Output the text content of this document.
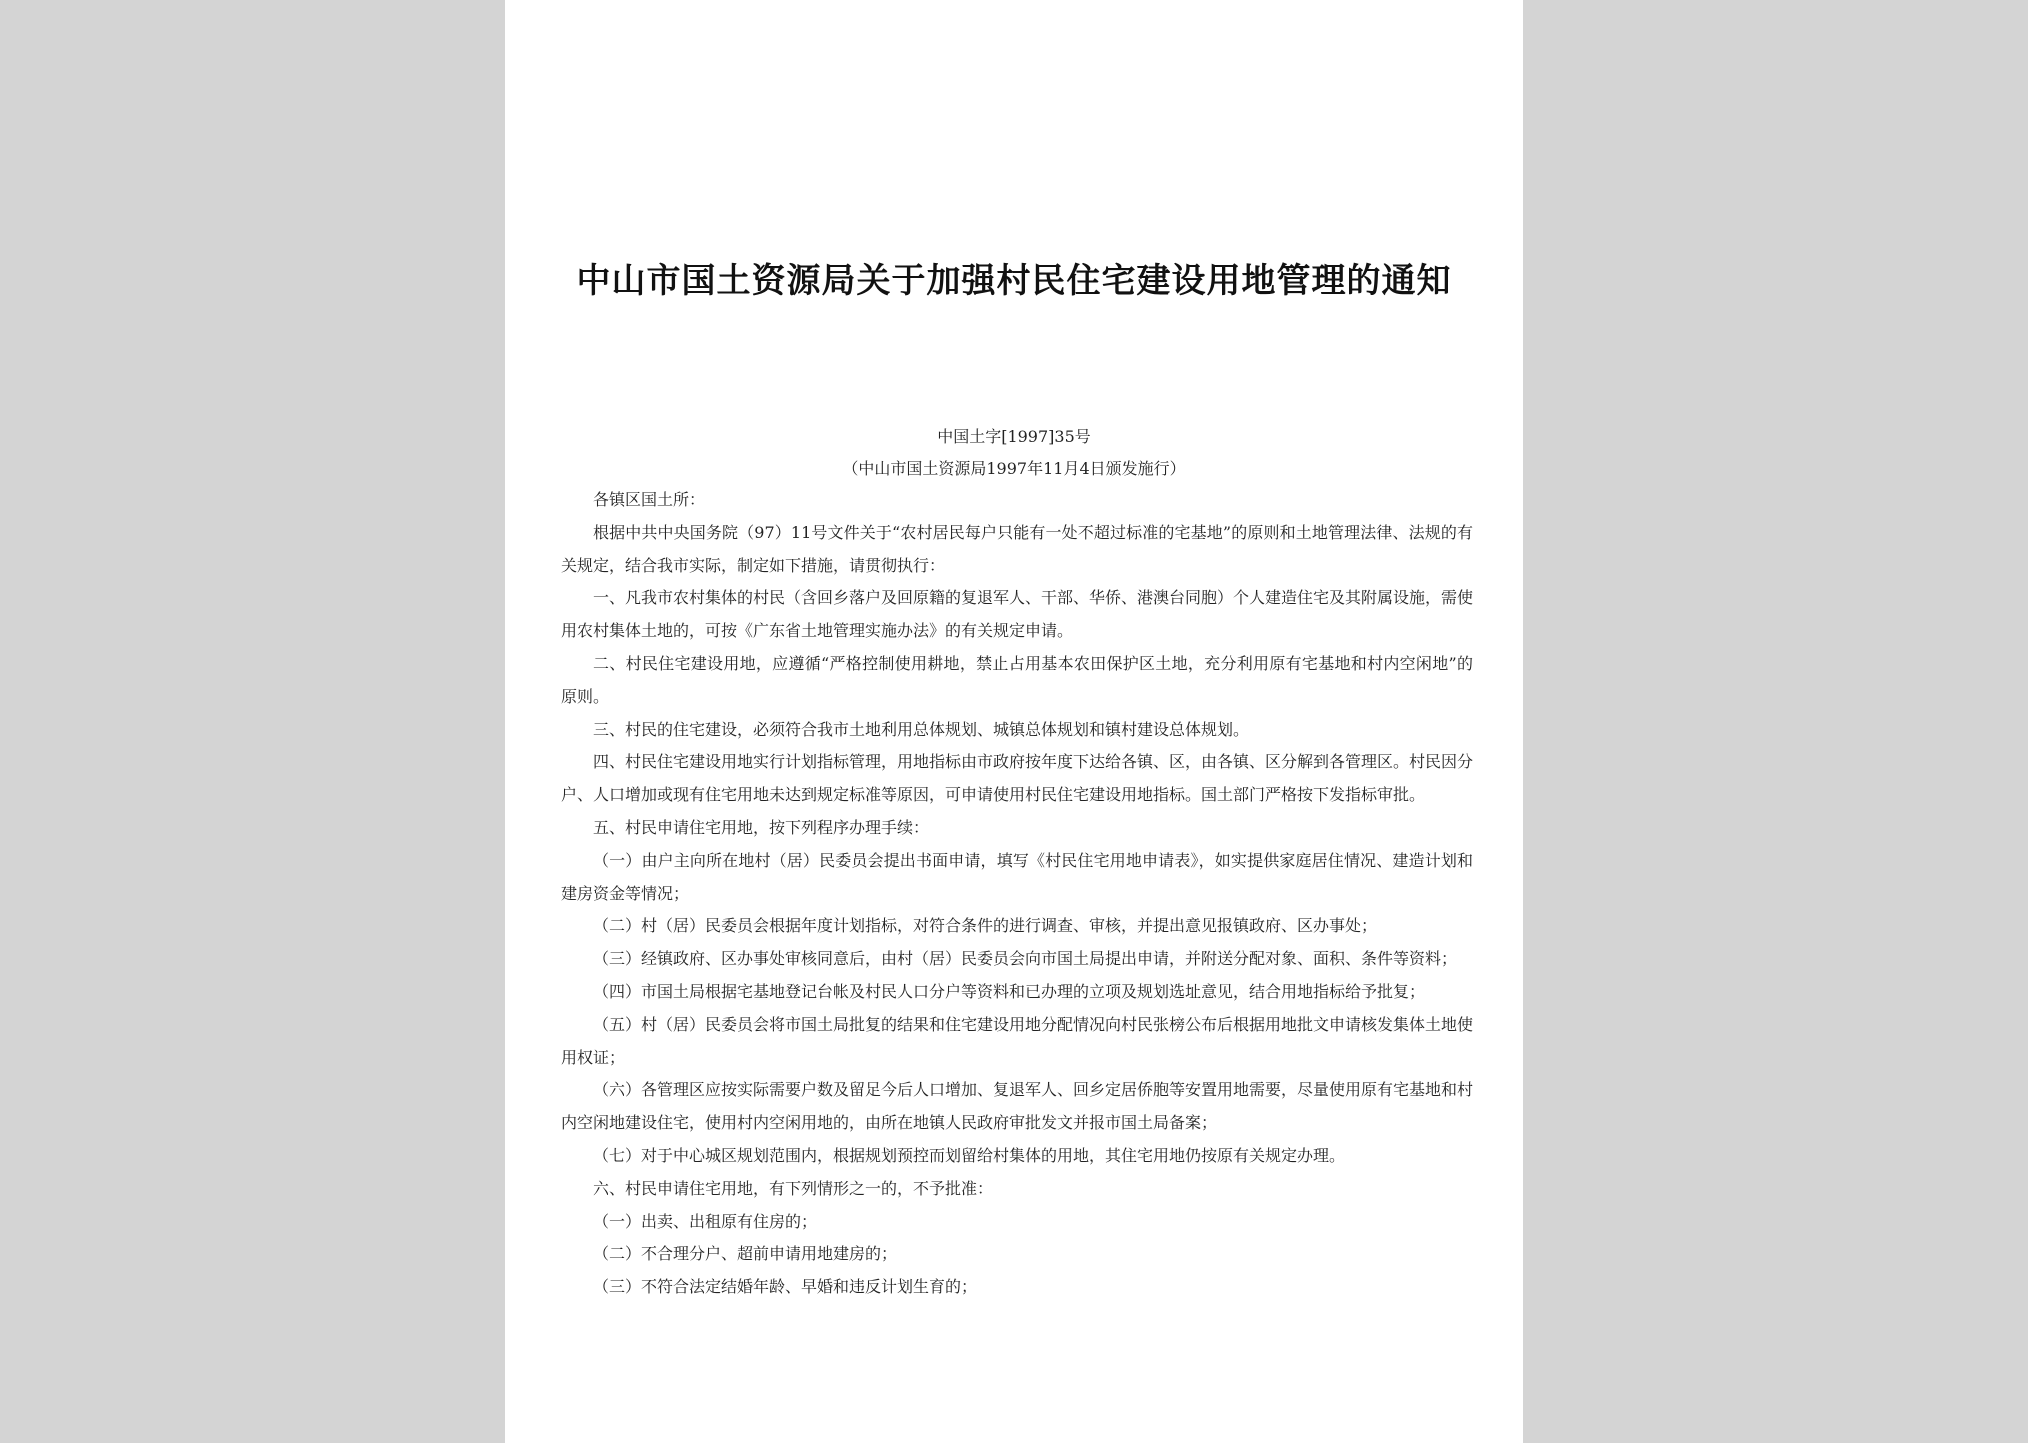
中山市国土资源局关于加强村民住宅建设用地管理的通知
中国土字[1997]35号
（中山市国土资源局1997年11月4日颁发施行）

各镇区国土所：

根据中共中央国务院（97）11号文件关于“农村居民每户只能有一处不超过标准的宅基地”的原则和土地管理法律、法规的有关规定，结合我市实际，制定如下措施，请贯彻执行：

一、凡我市农村集体的村民（含回乡落户及回原籍的复退军人、干部、华侨、港澳台同胞）个人建造住宅及其附属设施，需使用农村集体土地的，可按《广东省土地管理实施办法》的有关规定申请。

二、村民住宅建设用地，应遵循“严格控制使用耕地，禁止占用基本农田保护区土地，充分利用原有宅基地和村内空闲地”的原则。

三、村民的住宅建设，必须符合我市土地利用总体规划、城镇总体规划和镇村建设总体规划。

四、村民住宅建设用地实行计划指标管理，用地指标由市政府按年度下达给各镇、区，由各镇、区分解到各管理区。村民因分户、人口增加或现有住宅用地未达到规定标准等原因，可申请使用村民住宅建设用地指标。国土部门严格按下发指标审批。

五、村民申请住宅用地，按下列程序办理手续：

（一）由户主向所在地村（居）民委员会提出书面申请，填写《村民住宅用地申请表》，如实提供家庭居住情况、建造计划和建房资金等情况；

（二）村（居）民委员会根据年度计划指标，对符合条件的进行调查、审核，并提出意见报镇政府、区办事处；

（三）经镇政府、区办事处审核同意后，由村（居）民委员会向市国土局提出申请，并附送分配对象、面积、条件等资料；

（四）市国土局根据宅基地登记台帐及村民人口分户等资料和已办理的立项及规划选址意见，结合用地指标给予批复；

（五）村（居）民委员会将市国土局批复的结果和住宅建设用地分配情况向村民张榜公布后根据用地批文申请核发集体土地使用权证；

（六）各管理区应按实际需要户数及留足今后人口增加、复退军人、回乡定居侨胞等安置用地需要，尽量使用原有宅基地和村内空闲地建设住宅，使用村内空闲用地的，由所在地镇人民政府审批发文并报市国土局备案；

（七）对于中心城区规划范围内，根据规划预控而划留给村集体的用地，其住宅用地仍按原有关规定办理。

六、村民申请住宅用地，有下列情形之一的，不予批准：

（一）出卖、出租原有住房的；

（二）不合理分户、超前申请用地建房的；

（三）不符合法定结婚年龄、早婚和违反计划生育的；
